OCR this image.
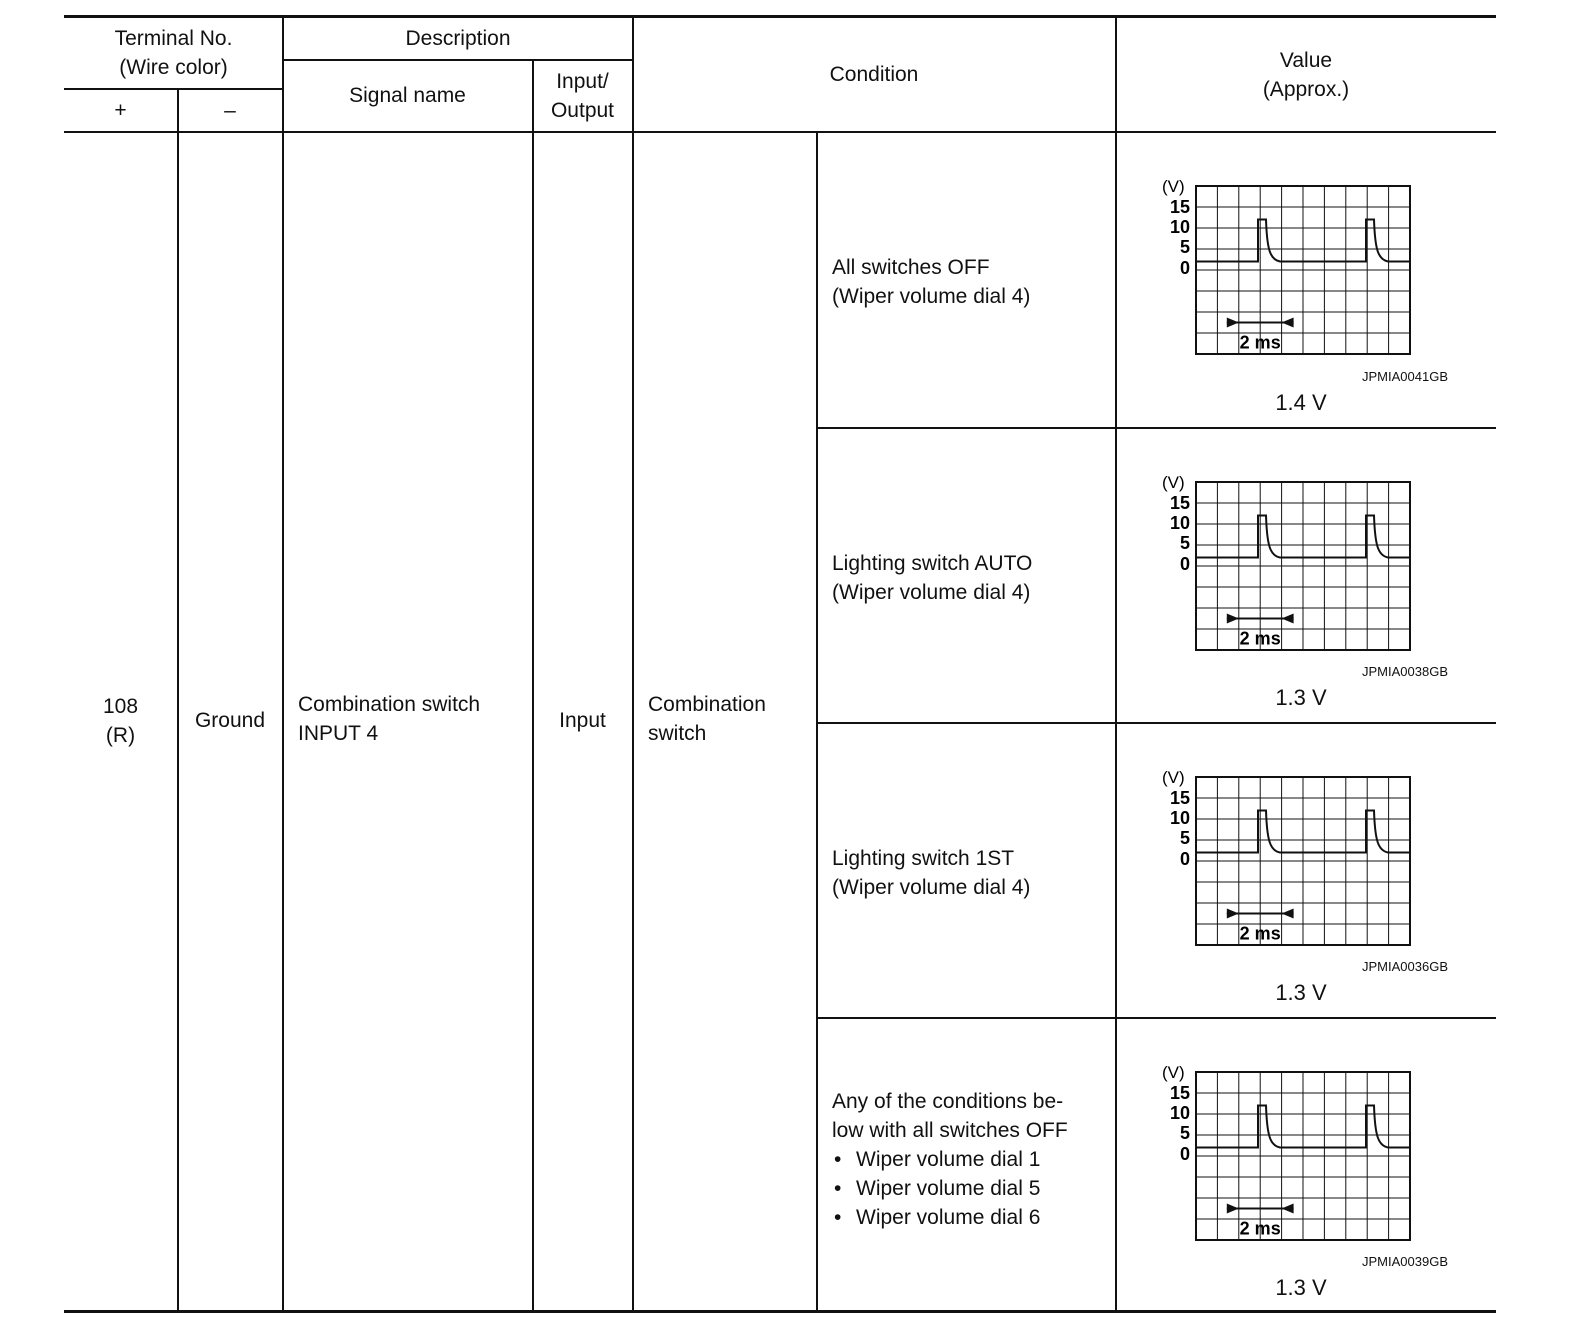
Terminal No.
(Wire color)
+	–
Description
Signal name
Input/
Output
Condition
Value
(Approx.)
108
(R)
Ground
Combination switch
INPUT 4
Input
Combination
switch
All switches OFF
(Wiper volume dial 4)
Lighting switch AUTO
(Wiper volume dial 4)
Lighting switch 1ST
(Wiper volume dial 4)
Any of the conditions be-
low with all switches OFF
• Wiper volume dial 1
• Wiper volume dial 5
• Wiper volume dial 6
(V)
15
10
5
0
2 ms
JPMIA0041GB
1.4 V
(V)
15
10
5
0
2 ms
JPMIA0038GB
1.3 V
(V)
15
10
5
0
2 ms
JPMIA0036GB
1.3 V
(V)
15
10
5
0
2 ms
JPMIA0039GB
1.3 V
